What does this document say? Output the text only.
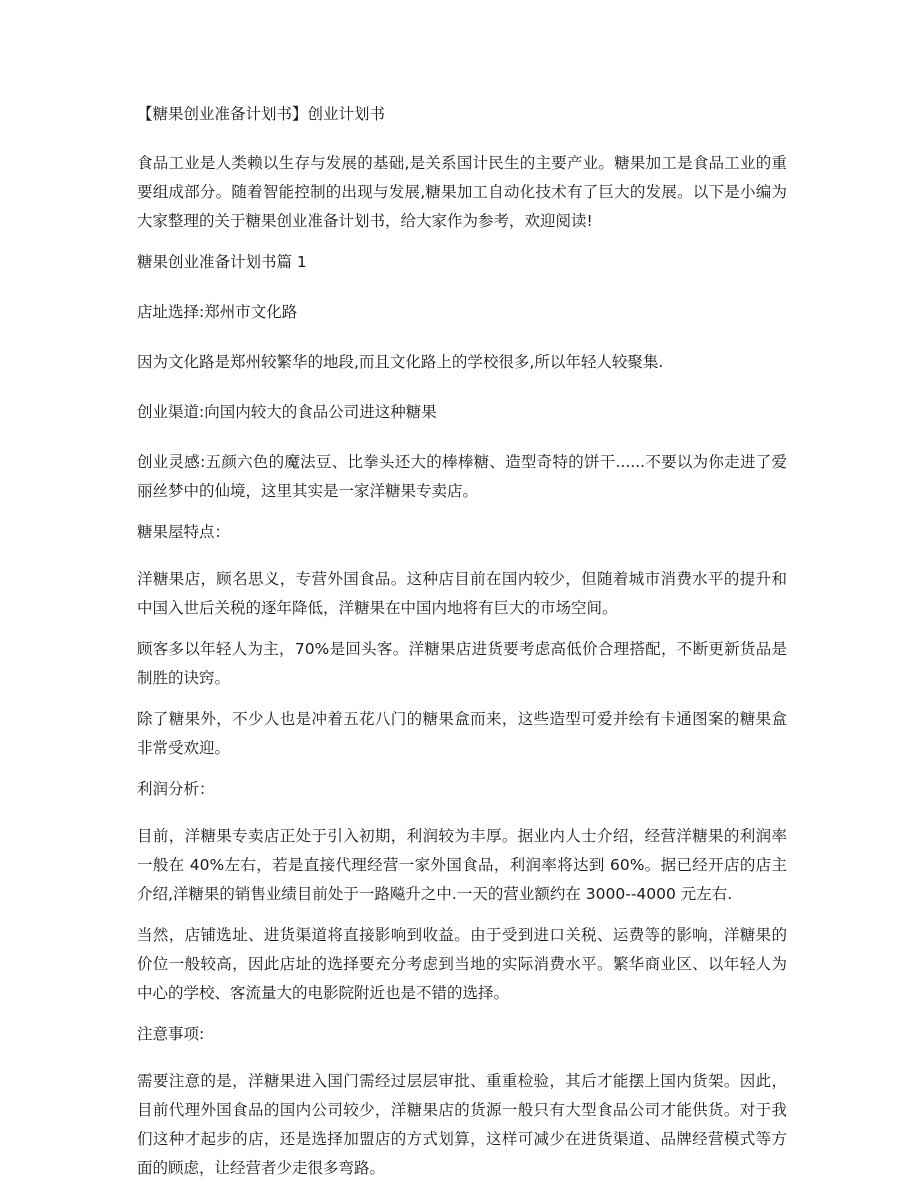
【糖果创业准备计划书】创业计划书

食品工业是人类赖以生存与发展的基础,是关系国计民生的主要产业。糖果加工是食品工业的重要组成部分。随着智能控制的出现与发展,糖果加工自动化技术有了巨大的发展。以下是小编为大家整理的关于糖果创业准备计划书，给大家作为参考，欢迎阅读!

糖果创业准备计划书篇 1

店址选择:郑州市文化路

因为文化路是郑州较繁华的地段,而且文化路上的学校很多,所以年轻人较聚集.

创业渠道:向国内较大的食品公司进这种糖果

创业灵感:五颜六色的魔法豆、比拳头还大的棒棒糖、造型奇特的饼干......不要以为你走进了爱丽丝梦中的仙境，这里其实是一家洋糖果专卖店。

糖果屋特点：

洋糖果店，顾名思义，专营外国食品。这种店目前在国内较少，但随着城市消费水平的提升和中国入世后关税的逐年降低，洋糖果在中国内地将有巨大的市场空间。

顾客多以年轻人为主，70%是回头客。洋糖果店进货要考虑高低价合理搭配，不断更新货品是制胜的诀窍。

除了糖果外，不少人也是冲着五花八门的糖果盒而来，这些造型可爱并绘有卡通图案的糖果盒非常受欢迎。

利润分析：

目前，洋糖果专卖店正处于引入初期，利润较为丰厚。据业内人士介绍，经营洋糖果的利润率一般在 40%左右，若是直接代理经营一家外国食品，利润率将达到 60%。据已经开店的店主介绍,洋糖果的销售业绩目前处于一路飚升之中.一天的营业额约在 3000--4000 元左右.

当然，店铺选址、进货渠道将直接影响到收益。由于受到进口关税、运费等的影响，洋糖果的价位一般较高，因此店址的选择要充分考虑到当地的实际消费水平。繁华商业区、以年轻人为中心的学校、客流量大的电影院附近也是不错的选择。

注意事项:

需要注意的是，洋糖果进入国门需经过层层审批、重重检验，其后才能摆上国内货架。因此，目前代理外国食品的国内公司较少，洋糖果店的货源一般只有大型食品公司才能供货。对于我们这种才起步的店，还是选择加盟店的方式划算，这样可减少在进货渠道、品牌经营模式等方面的顾虑，让经营者少走很多弯路。
